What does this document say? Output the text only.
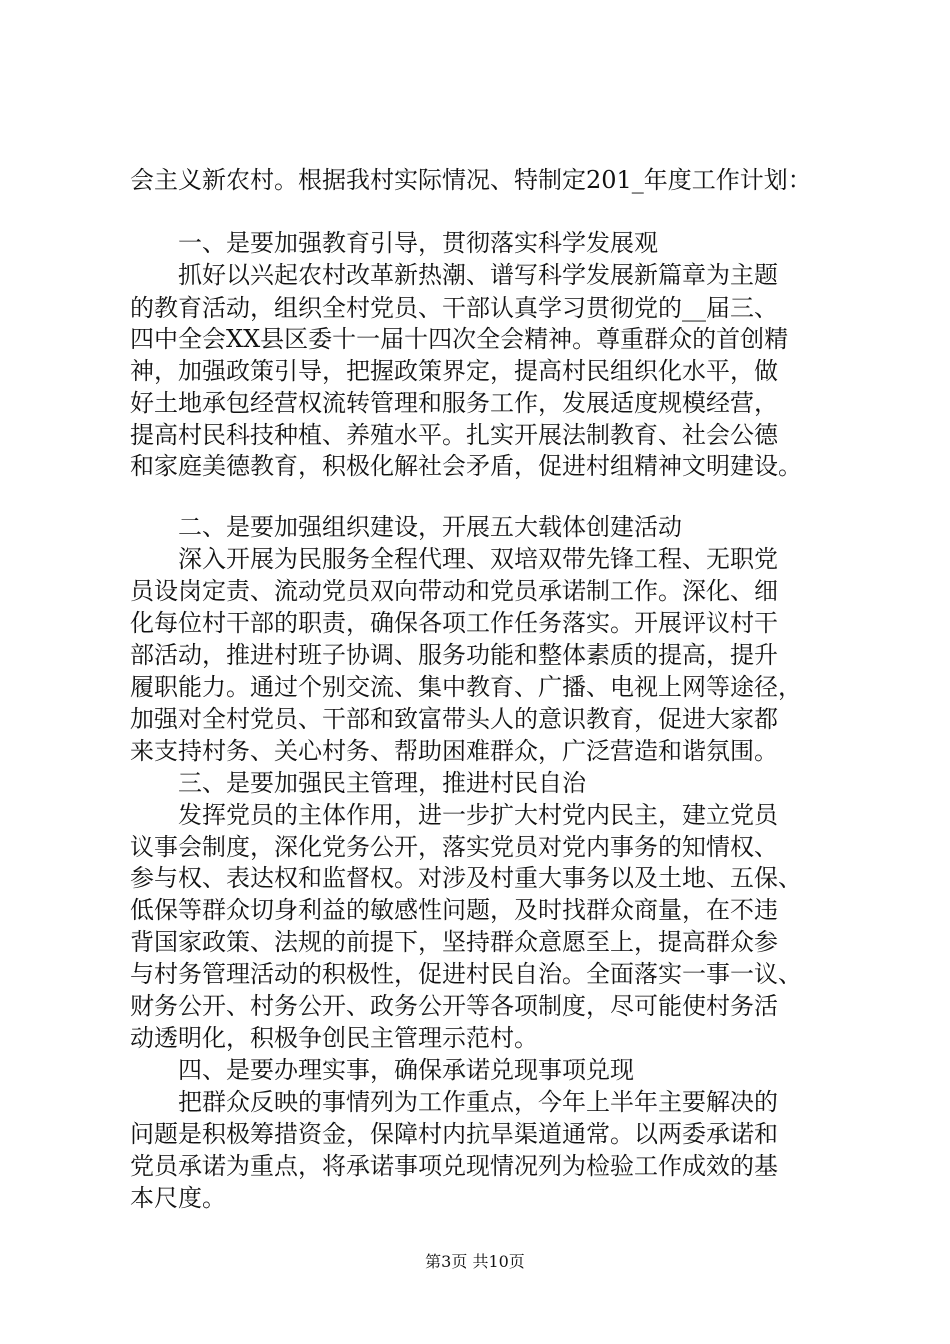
会主义新农村。根据我村实际情况、特制定201_年度工作计划：
一、是要加强教育引导，贯彻落实科学发展观
抓好以兴起农村改革新热潮、谱写科学发展新篇章为主题
的教育活动，组织全村党员、干部认真学习贯彻党的__届三、
四中全会XX县区委十一届十四次全会精神。尊重群众的首创精
神，加强政策引导，把握政策界定，提高村民组织化水平，做
好土地承包经营权流转管理和服务工作，发展适度规模经营，
提高村民科技种植、养殖水平。扎实开展法制教育、社会公德
和家庭美德教育，积极化解社会矛盾，促进村组精神文明建设。
二、是要加强组织建设，开展五大载体创建活动
深入开展为民服务全程代理、双培双带先锋工程、无职党
员设岗定责、流动党员双向带动和党员承诺制工作。深化、细
化每位村干部的职责，确保各项工作任务落实。开展评议村干
部活动，推进村班子协调、服务功能和整体素质的提高，提升
履职能力。通过个别交流、集中教育、广播、电视上网等途径，
加强对全村党员、干部和致富带头人的意识教育，促进大家都
来支持村务、关心村务、帮助困难群众，广泛营造和谐氛围。
三、是要加强民主管理，推进村民自治
发挥党员的主体作用，进一步扩大村党内民主，建立党员
议事会制度，深化党务公开，落实党员对党内事务的知情权、
参与权、表达权和监督权。对涉及村重大事务以及土地、五保、
低保等群众切身利益的敏感性问题，及时找群众商量，在不违
背国家政策、法规的前提下，坚持群众意愿至上，提高群众参
与村务管理活动的积极性，促进村民自治。全面落实一事一议、
财务公开、村务公开、政务公开等各项制度，尽可能使村务活
动透明化，积极争创民主管理示范村。
四、是要办理实事，确保承诺兑现事项兑现
把群众反映的事情列为工作重点，今年上半年主要解决的
问题是积极筹措资金，保障村内抗旱渠道通常。以两委承诺和
党员承诺为重点，将承诺事项兑现情况列为检验工作成效的基
本尺度。
第3页 共10页
